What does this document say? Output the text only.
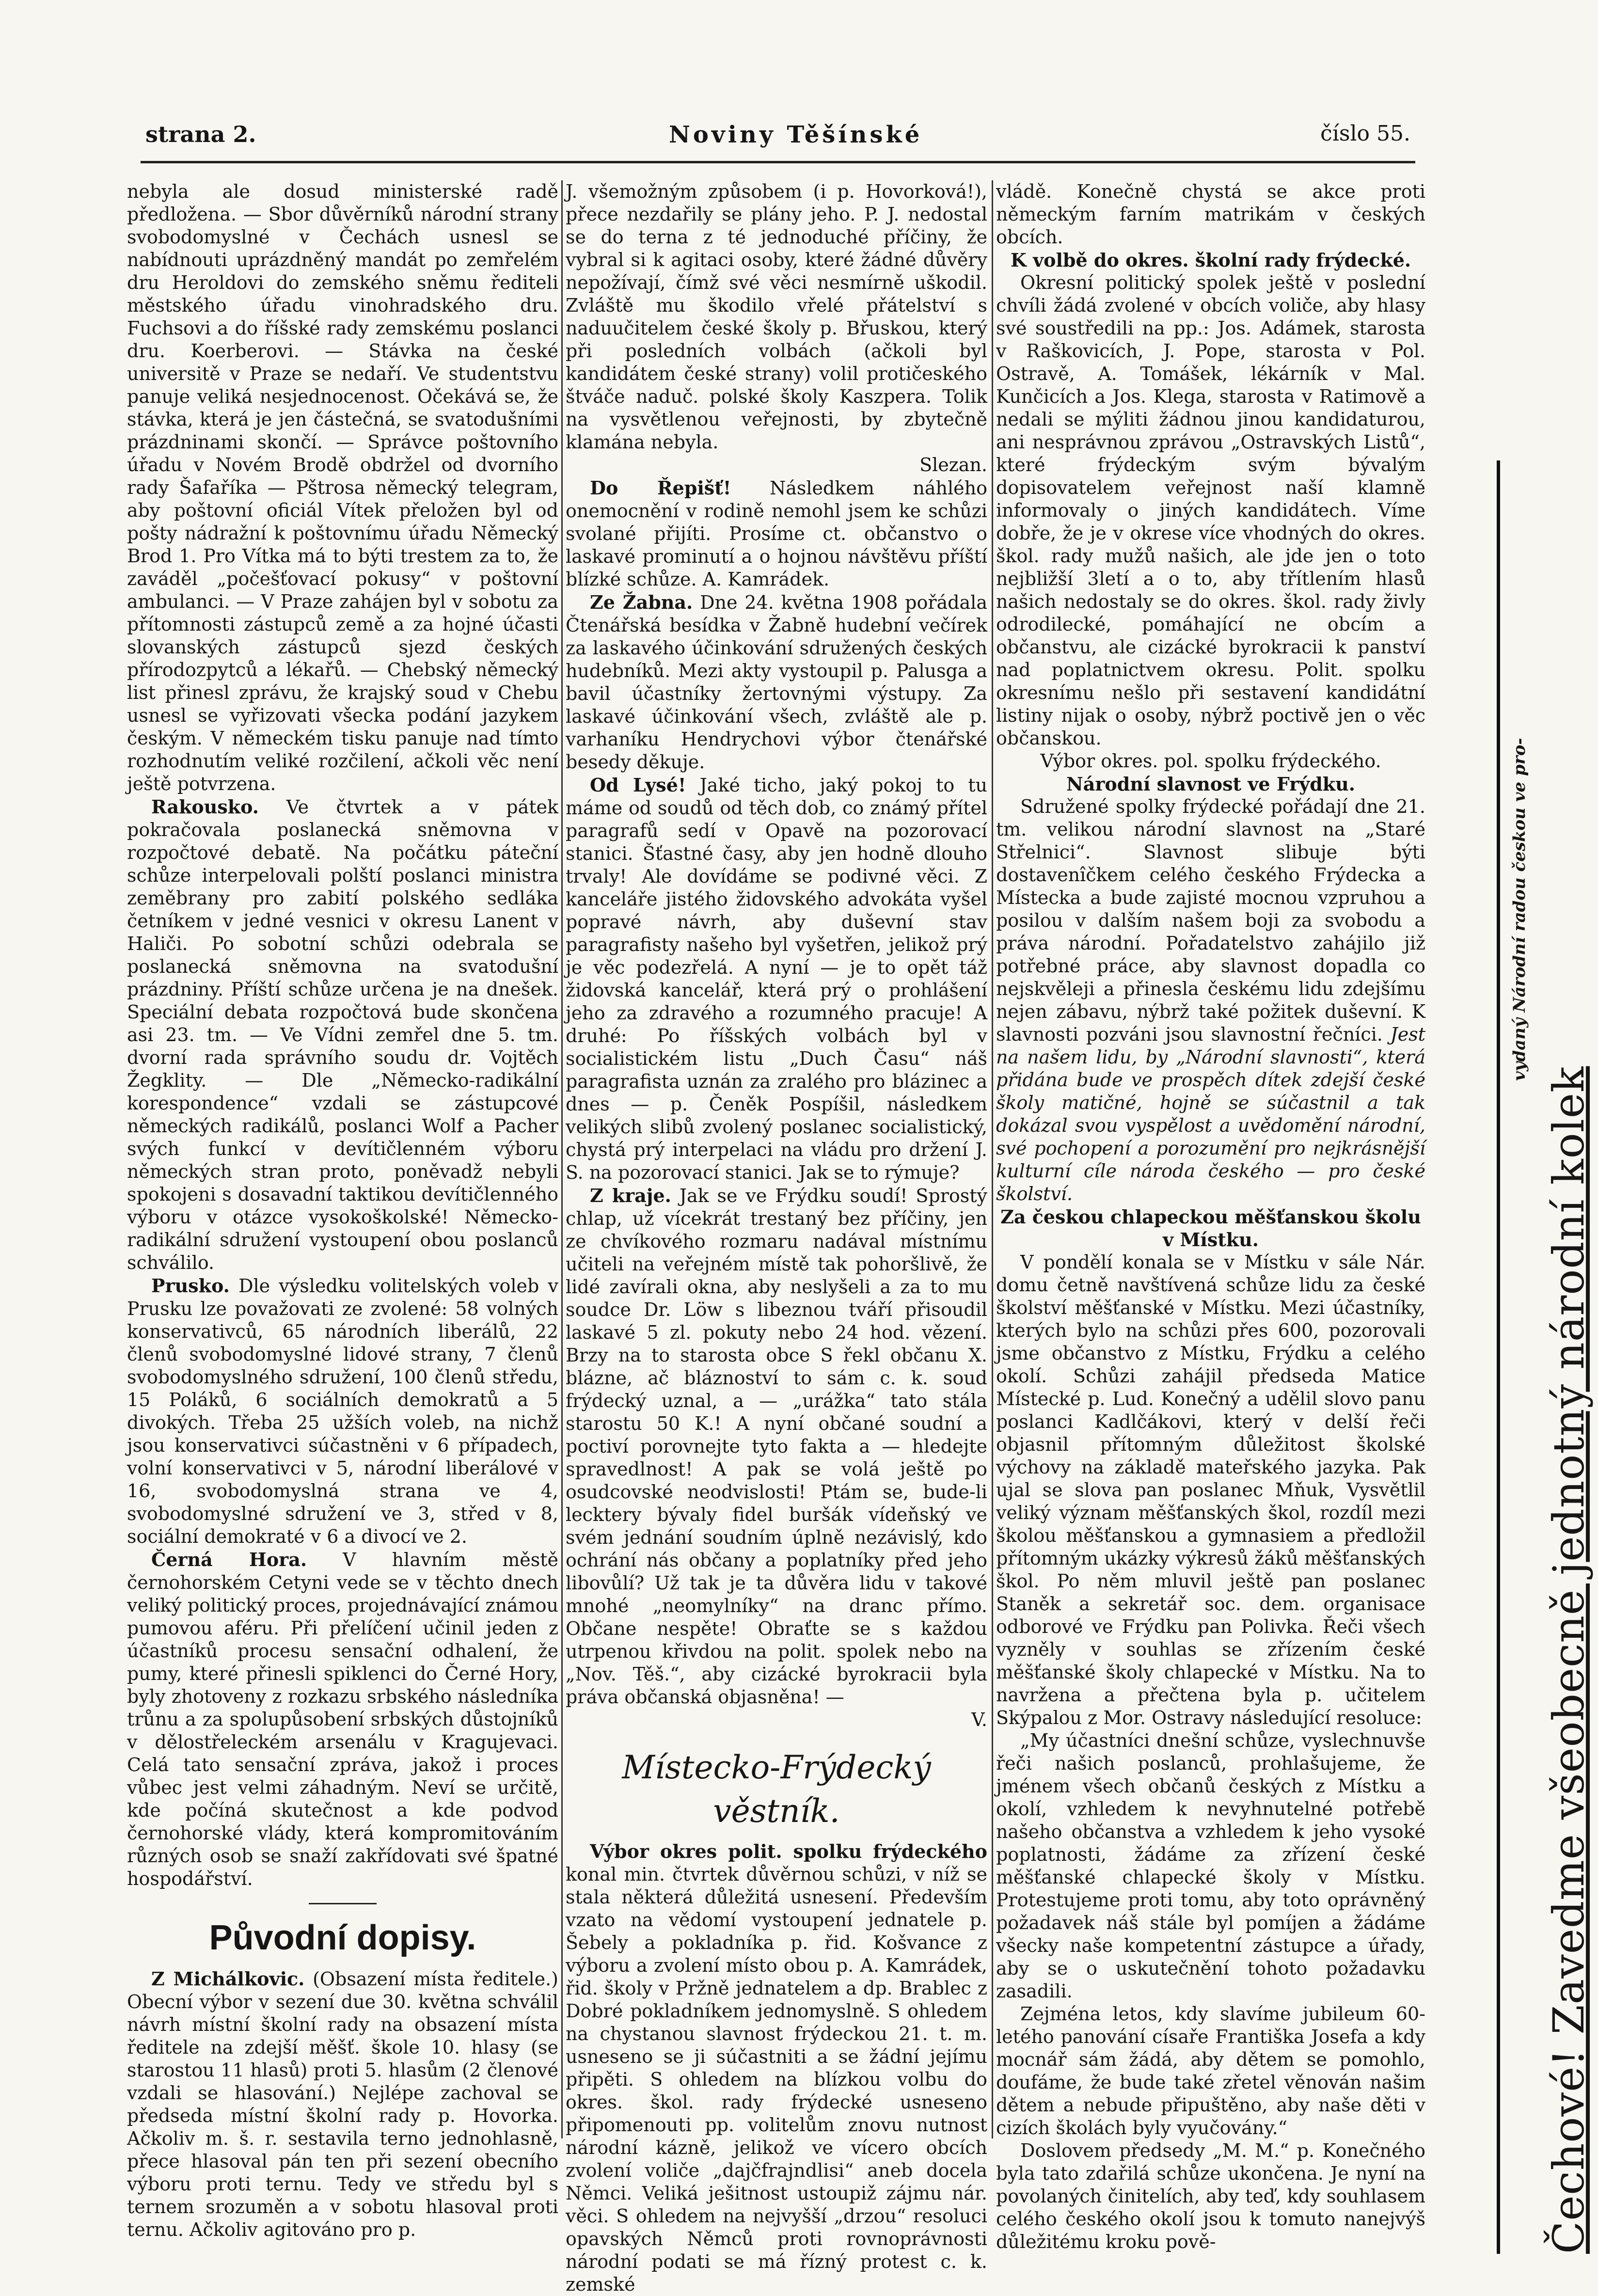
strana 2.	Noviny Těšínské	číslo 55.

nebyla ale dosud ministerské radě předložena. — Sbor důvěrníků národní strany svobodomyslné v Čechách usnesl se nabídnouti uprázdněný mandát po zemřelém dru Heroldovi do zemského sněmu řediteli městského úřadu vinohradského dru. Fuchsovi a do říšské rady zemskému poslanci dru. Koerberovi. — Stávka na české universitě v Praze se nedaří. Ve studentstvu panuje veliká nesjednocenost. Očekává se, že stávka, která je jen částečná, se svatodušními prázdninami skončí. — Správce poštovního úřadu v Novém Brodě obdržel od dvorního rady Šafaříka — Pštrosa německý telegram, aby poštovní oficiál Vítek přeložen byl od pošty nádražní k poštovnímu úřadu Německý Brod 1. Pro Vítka má to býti trestem za to, že zaváděl „počešťovací pokusy“ v poštovní ambulanci. — V Praze zahájen byl v sobotu za přítomnosti zástupců země a za hojné účasti slovanských zástupců sjezd českých přírodozpytců a lékařů. — Chebský německý list přinesl zprávu, že krajský soud v Chebu usnesl se vyřizovati všecka podání jazykem českým. V německém tisku panuje nad tímto rozhodnutím veliké rozčilení, ačkoli věc není ještě potvrzena.

Rakousko. Ve čtvrtek a v pátek pokračovala poslanecká sněmovna v rozpočtové debatě. Na počátku páteční schůze interpelovali polští poslanci ministra zeměbrany pro zabití polského sedláka četníkem v jedné vesnici v okresu Lanent v Haliči. Po sobotní schůzi odebrala se poslanecká sněmovna na svatodušní prázdniny. Příští schůze určena je na dnešek. Speciální debata rozpočtová bude skončena asi 23. tm. — Ve Vídni zemřel dne 5. tm. dvorní rada správního soudu dr. Vojtěch Žegklity. — Dle „Německo-radikální korespondence“ vzdali se zástupcové německých radikálů, poslanci Wolf a Pacher svých funkcí v devítičlenném výboru německých stran proto, poněvadž nebyli spokojeni s dosavadní taktikou devítičlenného výboru v otázce vysokoškolské! Německo-radikální sdružení vystoupení obou poslanců schválilo.

Prusko. Dle výsledku volitelských voleb v Prusku lze považovati ze zvolené: 58 volných konservativců, 65 národních liberálů, 22 členů svobodomyslné lidové strany, 7 členů svobodomyslného sdružení, 100 členů středu, 15 Poláků, 6 sociálních demokratů a 5 divokých. Třeba 25 užších voleb, na nichž jsou konservativci súčastněni v 6 případech, volní konservativci v 5, národní liberálové v 16, svobodomyslná strana ve 4, svobodomyslné sdružení ve 3, střed v 8, sociální demokraté v 6 a divocí ve 2.

Černá Hora. V hlavním městě černohorském Cetyni vede se v těchto dnech veliký politický proces, projednávající známou pumovou aféru. Při přelíčení učinil jeden z účastníků procesu sensační odhalení, že pumy, které přinesli spiklenci do Černé Hory, byly zhotoveny z rozkazu srbského následníka trůnu a za spolupůsobení srbských důstojníků v dělostřeleckém arsenálu v Kragujevaci. Celá tato sensační zpráva, jakož i proces vůbec jest velmi záhadným. Neví se určitě, kde počíná skutečnost a kde podvod černohorské vlády, která kompromitováním různých osob se snaží zakřídovati své špatné hospodářství.

Původní dopisy.

Z Michálkovic. (Obsazení místa ředitele.) Obecní výbor v sezení due 30. května schválil návrh místní školní rady na obsazení místa ředitele na zdejší měšť. škole 10. hlasy (se starostou 11 hlasů) proti 5. hlasům (2 členové vzdali se hlasování.) Nejlépe zachoval se předseda místní školní rady p. Hovorka. Ačkoliv m. š. r. sestavila terno jednohlasně, přece hlasoval pán ten při sezení obecního výboru proti ternu. Tedy ve středu byl s ternem srozuměn a v sobotu hlasoval proti ternu. Ačkoliv agitováno pro p.

J. všemožným způsobem (i p. Hovorková!), přece nezdařily se plány jeho. P. J. nedostal se do terna z té jednoduché příčiny, že vybral si k agitaci osoby, které žádné důvěry nepožívají, čímž své věci nesmírně uškodil. Zvláště mu škodilo vřelé přátelství s naduučitelem české školy p. Břuskou, který při posledních volbách (ačkoli byl kandidátem české strany) volil protičeského štváče naduč. polské školy Kaszpera. Tolik na vysvětlenou veřejnosti, by zbytečně klamána nebyla.

Slezan.

Do Řepišť! Následkem náhlého onemocnění v rodině nemohl jsem ke schůzi svolané přijíti. Prosíme ct. občanstvo o laskavé prominutí a o hojnou návštěvu příští blízké schůze. A. Kamrádek.

Ze Žabna. Dne 24. května 1908 pořádala Čtenářská besídka v Žabně hudební večírek za laskavého účinkování sdružených českých hudebníků. Mezi akty vystoupil p. Palusga a bavil účastníky žertovnými výstupy. Za laskavé účinkování všech, zvláště ale p. varhaníku Hendrychovi výbor čtenářské besedy děkuje.

Od Lysé! Jaké ticho, jaký pokoj to tu máme od soudů od těch dob, co známý přítel paragrafů sedí v Opavě na pozorovací stanici. Šťastné časy, aby jen hodně dlouho trvaly! Ale dovídáme se podivné věci. Z kanceláře jistého židovského advokáta vyšel popravé návrh, aby duševní stav paragrafisty našeho byl vyšetřen, jelikož prý je věc podezřelá. A nyní — je to opět táž židovská kancelář, která prý o prohlášení jeho za zdravého a rozumného pracuje! A druhé: Po říšských volbách byl v socialistickém listu „Duch Času“ náš paragrafista uznán za zralého pro blázinec a dnes — p. Čeněk Pospíšil, následkem velikých slibů zvolený poslanec socialistický, chystá prý interpelaci na vládu pro držení J. S. na pozorovací stanici. Jak se to rýmuje?

Z kraje. Jak se ve Frýdku soudí! Sprostý chlap, už vícekrát trestaný bez příčiny, jen ze chvíkového rozmaru nadával místnímu učiteli na veřejném místě tak pohoršlivě, že lidé zavírali okna, aby neslyšeli a za to mu soudce Dr. Löw s libeznou tváří přisoudil laskavé 5 zl. pokuty nebo 24 hod. vězení. Brzy na to starosta obce S řekl občanu X. blázne, ač bláznoství to sám c. k. soud frýdecký uznal, a — „urážka“ tato stála starostu 50 K.! A nyní občané soudní a poctiví porovnejte tyto fakta a — hledejte spravedlnost! A pak se volá ještě po osudcovské neodvislosti! Ptám se, bude-li lecktery bývaly fidel buršák vídeňský ve svém jednání soudním úplně nezávislý, kdo ochrání nás občany a poplatníky před jeho libovůlí? Už tak je ta důvěra lidu v takové mnohé „neomylníky“ na dranc přímo. Občane nespěte! Obraťte se s každou utrpenou křivdou na polit. spolek nebo na „Nov. Těš.“, aby cizácké byrokracii byla práva občanská objasněna! —

V.

Místecko-Frýdecký věstník.

Výbor okres polit. spolku frýdeckého konal min. čtvrtek důvěrnou schůzi, v níž se stala některá důležitá usnesení. Především vzato na vědomí vystoupení jednatele p. Šebely a pokladníka p. řid. Košvance z výboru a zvolení místo obou p. A. Kamrádek, řid. školy v Pržně jednatelem a dp. Brablec z Dobré pokladníkem jednomyslně. S ohledem na chystanou slavnost frýdeckou 21. t. m. usneseno se ji súčastniti a se žádní jejímu připěti. S ohledem na blízkou volbu do okres. škol. rady frýdecké usneseno připomenouti pp. volitelům znovu nutnost národní kázně, jelikož ve vícero obcích zvolení voliče „dajčfrajndlisi“ aneb docela Němci. Veliká ješitnost ustoupiž zájmu nár. věci. S ohledem na nejvyšší „drzou“ resoluci opavských Němců proti rovnoprávnosti národní podati se má řízný protest c. k. zemské

vládě. Konečně chystá se akce proti německým farním matrikám v českých obcích.

K volbě do okres. školní rady frýdecké.

Okresní politický spolek ještě v poslední chvíli žádá zvolené v obcích voliče, aby hlasy své soustředili na pp.: Jos. Adámek, starosta v Raškovicích, J. Pope, starosta v Pol. Ostravě, A. Tomášek, lékárník v Mal. Kunčicích a Jos. Klega, starosta v Ratimově a nedali se mýliti žádnou jinou kandidaturou, ani nesprávnou zprávou „Ostravských Listů“, které frýdeckým svým bývalým dopisovatelem veřejnost naší klamně informovaly o jiných kandidátech. Víme dobře, že je v okrese více vhodných do okres. škol. rady mužů našich, ale jde jen o toto nejbližší 3letí a o to, aby třítlením hlasů našich nedostaly se do okres. škol. rady živly odrodilecké, pomáhající ne obcím a občanstvu, ale cizácké byrokracii k panství nad poplatnictvem okresu. Polit. spolku okresnímu nešlo při sestavení kandidátní listiny nijak o osoby, nýbrž poctivě jen o věc občanskou.

Výbor okres. pol. spolku frýdeckého.

Národní slavnost ve Frýdku.

Sdružené spolky frýdecké pořádají dne 21. tm. velikou národní slavnost na „Staré Střelnici“. Slavnost slibuje býti dostavenîčkem celého českého Frýdecka a Místecka a bude zajisté mocnou vzpruhou a posilou v dalším našem boji za svobodu a práva národní. Pořadatelstvo zahájilo již potřebné práce, aby slavnost dopadla co nejskvěleji a přinesla českému lidu zdejšímu nejen zábavu, nýbrž také požitek duševní. K slavnosti pozváni jsou slavnostní řečníci. Jest na našem lidu, by „Národní slavnosti“, která přidána bude ve prospěch dítek zdejší české školy matičné, hojně se súčastnil a tak dokázal svou vyspělost a uvědomění národní, své pochopení a porozumění pro nejkrásnější kulturní cíle národa českého — pro české školství.

Za českou chlapeckou měšťanskou školu v Místku.

V pondělí konala se v Místku v sále Nár. domu četně navštívená schůze lidu za české školství měšťanské v Místku. Mezi účastníky, kterých bylo na schůzi přes 600, pozorovali jsme občanstvo z Místku, Frýdku a celého okolí. Schůzi zahájil předseda Matice Místecké p. Lud. Konečný a udělil slovo panu poslanci Kadlčákovi, který v delší řeči objasnil přítomným důležitost školské výchovy na základě mateřského jazyka. Pak ujal se slova pan poslanec Mňuk, Vysvětlil veliký význam měšťanských škol, rozdíl mezi školou měšťanskou a gymnasiem a předložil přítomným ukázky výkresů žáků měšťanských škol. Po něm mluvil ještě pan poslanec Staněk a sekretář soc. dem. organisace odborové ve Frýdku pan Polivka. Řeči všech vyzněly v souhlas se zřízením české měšťanské školy chlapecké v Místku. Na to navržena a přečtena byla p. učitelem Skýpalou z Mor. Ostravy následující resoluce:

„My účastníci dnešní schůze, vyslechnuvše řeči našich poslanců, prohlašujeme, že jménem všech občanů českých z Místku a okolí, vzhledem k nevyhnutelné potřebě našeho občanstva a vzhledem k jeho vysoké poplatnosti, žádáme za zřízení české měšťanské chlapecké školy v Místku. Protestujeme proti tomu, aby toto oprávněný požadavek náš stále byl pomíjen a žádáme všecky naše kompetentní zástupce a úřady, aby se o uskutečnění tohoto požadavku zasadili.

Zejména letos, kdy slavíme jubileum 60-letého panování císaře Františka Josefa a kdy mocnář sám žádá, aby dětem se pomohlo, doufáme, že bude také zřetel věnován našim dětem a nebude připuštěno, aby naše děti v cizích školách byly vyučovány.“

Doslovem předsedy „M. M.“ p. Konečného byla tato zdařilá schůze ukončena. Je nyní na povolaných činitelích, aby teď, kdy souhlasem celého českého okolí jsou k tomuto nanejvýš důležitému kroku pově-	Čechové! Zavedme všeobecně jednotný národní kolek
vydaný Národní radou českou ve pro-
